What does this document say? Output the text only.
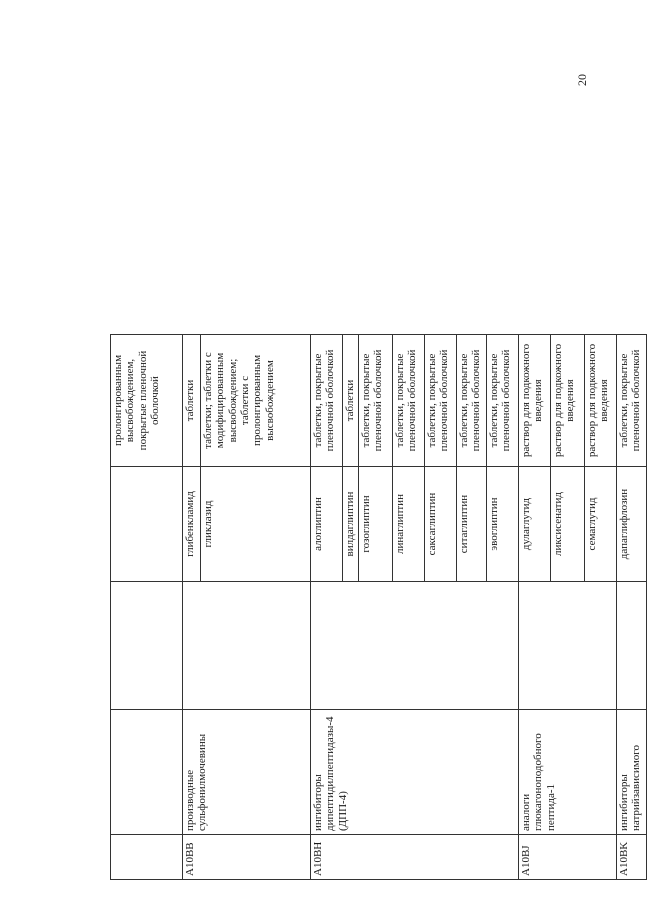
20
				пролонгированным высвобождением, покрытые пленочной оболочкой
A10BB	производные сульфонилмочевины		глибенкламид	таблетки
			гликлазид	таблетки; таблетки с модифицированным высвобождением; таблетки с пролонгированным высвобождением
A10BH	ингибиторы дипептидилпептидазы-4 (ДПП-4)		алоглиптин	таблетки, покрытые пленочной оболочкой
			вилдаглиптин	таблетки
			гозоглиптин	таблетки, покрытые пленочной оболочкой
			линаглиптин	таблетки, покрытые пленочной оболочкой
			саксаглиптин	таблетки, покрытые пленочной оболочкой
			ситаглиптин	таблетки, покрытые пленочной оболочкой
			эвоглиптин	таблетки, покрытые пленочной оболочкой
A10BJ	аналоги глюкагоноподобного пептида-1		дулаглутид	раствор для подкожного введения
			ликсисенатид	раствор для подкожного введения
			семаглутид	раствор для подкожного введения
A10BK	ингибиторы натрийзависимого		дапаглифлозин	таблетки, покрытые пленочной оболочкой
